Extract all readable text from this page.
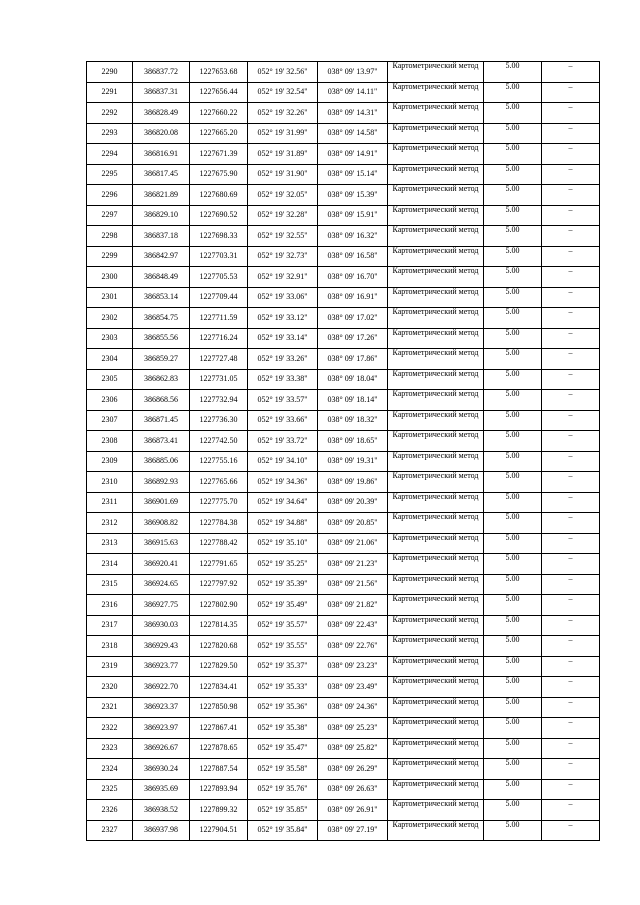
2290	386837.72	1227653.68	052° 19' 32.56"	038° 09' 13.97"	Картометрический метод	5.00	–
2291	386837.31	1227656.44	052° 19' 32.54"	038° 09' 14.11"	Картометрический метод	5.00	–
2292	386828.49	1227660.22	052° 19' 32.26"	038° 09' 14.31"	Картометрический метод	5.00	–
2293	386820.08	1227665.20	052° 19' 31.99"	038° 09' 14.58"	Картометрический метод	5.00	–
2294	386816.91	1227671.39	052° 19' 31.89"	038° 09' 14.91"	Картометрический метод	5.00	–
2295	386817.45	1227675.90	052° 19' 31.90"	038° 09' 15.14"	Картометрический метод	5.00	–
2296	386821.89	1227680.69	052° 19' 32.05"	038° 09' 15.39"	Картометрический метод	5.00	–
2297	386829.10	1227690.52	052° 19' 32.28"	038° 09' 15.91"	Картометрический метод	5.00	–
2298	386837.18	1227698.33	052° 19' 32.55"	038° 09' 16.32"	Картометрический метод	5.00	–
2299	386842.97	1227703.31	052° 19' 32.73"	038° 09' 16.58"	Картометрический метод	5.00	–
2300	386848.49	1227705.53	052° 19' 32.91"	038° 09' 16.70"	Картометрический метод	5.00	–
2301	386853.14	1227709.44	052° 19' 33.06"	038° 09' 16.91"	Картометрический метод	5.00	–
2302	386854.75	1227711.59	052° 19' 33.12"	038° 09' 17.02"	Картометрический метод	5.00	–
2303	386855.56	1227716.24	052° 19' 33.14"	038° 09' 17.26"	Картометрический метод	5.00	–
2304	386859.27	1227727.48	052° 19' 33.26"	038° 09' 17.86"	Картометрический метод	5.00	–
2305	386862.83	1227731.05	052° 19' 33.38"	038° 09' 18.04"	Картометрический метод	5.00	–
2306	386868.56	1227732.94	052° 19' 33.57"	038° 09' 18.14"	Картометрический метод	5.00	–
2307	386871.45	1227736.30	052° 19' 33.66"	038° 09' 18.32"	Картометрический метод	5.00	–
2308	386873.41	1227742.50	052° 19' 33.72"	038° 09' 18.65"	Картометрический метод	5.00	–
2309	386885.06	1227755.16	052° 19' 34.10"	038° 09' 19.31"	Картометрический метод	5.00	–
2310	386892.93	1227765.66	052° 19' 34.36"	038° 09' 19.86"	Картометрический метод	5.00	–
2311	386901.69	1227775.70	052° 19' 34.64"	038° 09' 20.39"	Картометрический метод	5.00	–
2312	386908.82	1227784.38	052° 19' 34.88"	038° 09' 20.85"	Картометрический метод	5.00	–
2313	386915.63	1227788.42	052° 19' 35.10"	038° 09' 21.06"	Картометрический метод	5.00	–
2314	386920.41	1227791.65	052° 19' 35.25"	038° 09' 21.23"	Картометрический метод	5.00	–
2315	386924.65	1227797.92	052° 19' 35.39"	038° 09' 21.56"	Картометрический метод	5.00	–
2316	386927.75	1227802.90	052° 19' 35.49"	038° 09' 21.82"	Картометрический метод	5.00	–
2317	386930.03	1227814.35	052° 19' 35.57"	038° 09' 22.43"	Картометрический метод	5.00	–
2318	386929.43	1227820.68	052° 19' 35.55"	038° 09' 22.76"	Картометрический метод	5.00	–
2319	386923.77	1227829.50	052° 19' 35.37"	038° 09' 23.23"	Картометрический метод	5.00	–
2320	386922.70	1227834.41	052° 19' 35.33"	038° 09' 23.49"	Картометрический метод	5.00	–
2321	386923.37	1227850.98	052° 19' 35.36"	038° 09' 24.36"	Картометрический метод	5.00	–
2322	386923.97	1227867.41	052° 19' 35.38"	038° 09' 25.23"	Картометрический метод	5.00	–
2323	386926.67	1227878.65	052° 19' 35.47"	038° 09' 25.82"	Картометрический метод	5.00	–
2324	386930.24	1227887.54	052° 19' 35.58"	038° 09' 26.29"	Картометрический метод	5.00	–
2325	386935.69	1227893.94	052° 19' 35.76"	038° 09' 26.63"	Картометрический метод	5.00	–
2326	386938.52	1227899.32	052° 19' 35.85"	038° 09' 26.91"	Картометрический метод	5.00	–
2327	386937.98	1227904.51	052° 19' 35.84"	038° 09' 27.19"	Картометрический метод	5.00	–
